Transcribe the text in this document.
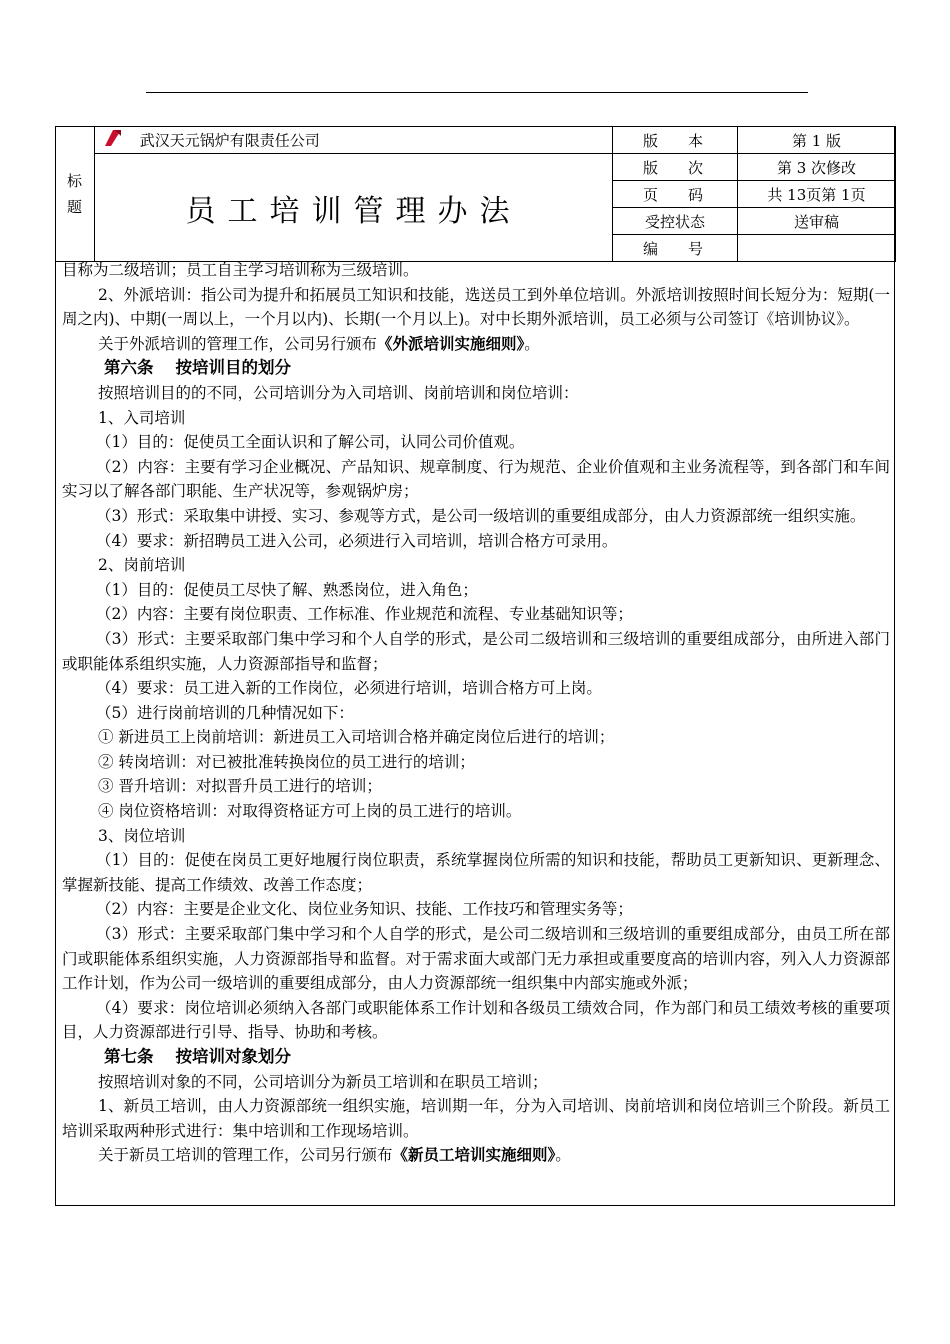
标题	武汉天元锅炉有限责任公司	版 本	第 1 版
	员工培训管理办法	版 次	第 3 次修改

		页 码	共 13页第 1页
		受控状态	送审稿

		编 号	

目称为二级培训；员工自主学习培训称为三级培训。

2、外派培训：指公司为提升和拓展员工知识和技能，选送员工到外单位培训。外派培训按照时间长短分为：短期(一周之内)、中期(一周以上，一个月以内)、长期(一个月以上)。对中长期外派培训，员工必须与公司签订《培训协议》。

关于外派培训的管理工作，公司另行颁布《外派培训实施细则》。

第六条 按培训目的划分

按照培训目的的不同，公司培训分为入司培训、岗前培训和岗位培训：

1、入司培训

（1）目的：促使员工全面认识和了解公司，认同公司价值观。

（2）内容：主要有学习企业概况、产品知识、规章制度、行为规范、企业价值观和主业务流程等，到各部门和车间实习以了解各部门职能、生产状况等，参观锅炉房；

（3）形式：采取集中讲授、实习、参观等方式，是公司一级培训的重要组成部分，由人力资源部统一组织实施。

（4）要求：新招聘员工进入公司，必须进行入司培训，培训合格方可录用。

2、岗前培训

（1）目的：促使员工尽快了解、熟悉岗位，进入角色；

（2）内容：主要有岗位职责、工作标准、作业规范和流程、专业基础知识等；

（3）形式：主要采取部门集中学习和个人自学的形式，是公司二级培训和三级培训的重要组成部分，由所进入部门或职能体系组织实施，人力资源部指导和监督；

（4）要求：员工进入新的工作岗位，必须进行培训，培训合格方可上岗。

（5）进行岗前培训的几种情况如下：

① 新进员工上岗前培训：新进员工入司培训合格并确定岗位后进行的培训；

② 转岗培训：对已被批准转换岗位的员工进行的培训；

③ 晋升培训：对拟晋升员工进行的培训；

④ 岗位资格培训：对取得资格证方可上岗的员工进行的培训。

3、岗位培训

（1）目的：促使在岗员工更好地履行岗位职责，系统掌握岗位所需的知识和技能，帮助员工更新知识、更新理念、掌握新技能、提高工作绩效、改善工作态度；

（2）内容：主要是企业文化、岗位业务知识、技能、工作技巧和管理实务等；

（3）形式：主要采取部门集中学习和个人自学的形式，是公司二级培训和三级培训的重要组成部分，由员工所在部门或职能体系组织实施，人力资源部指导和监督。对于需求面大或部门无力承担或重要度高的培训内容，列入人力资源部工作计划，作为公司一级培训的重要组成部分，由人力资源部统一组织集中内部实施或外派；

（4）要求：岗位培训必须纳入各部门或职能体系工作计划和各级员工绩效合同，作为部门和员工绩效考核的重要项目，人力资源部进行引导、指导、协助和考核。

第七条 按培训对象划分

按照培训对象的不同，公司培训分为新员工培训和在职员工培训；

1、新员工培训，由人力资源部统一组织实施，培训期一年，分为入司培训、岗前培训和岗位培训三个阶段。新员工培训采取两种形式进行：集中培训和工作现场培训。

关于新员工培训的管理工作，公司另行颁布《新员工培训实施细则》。
